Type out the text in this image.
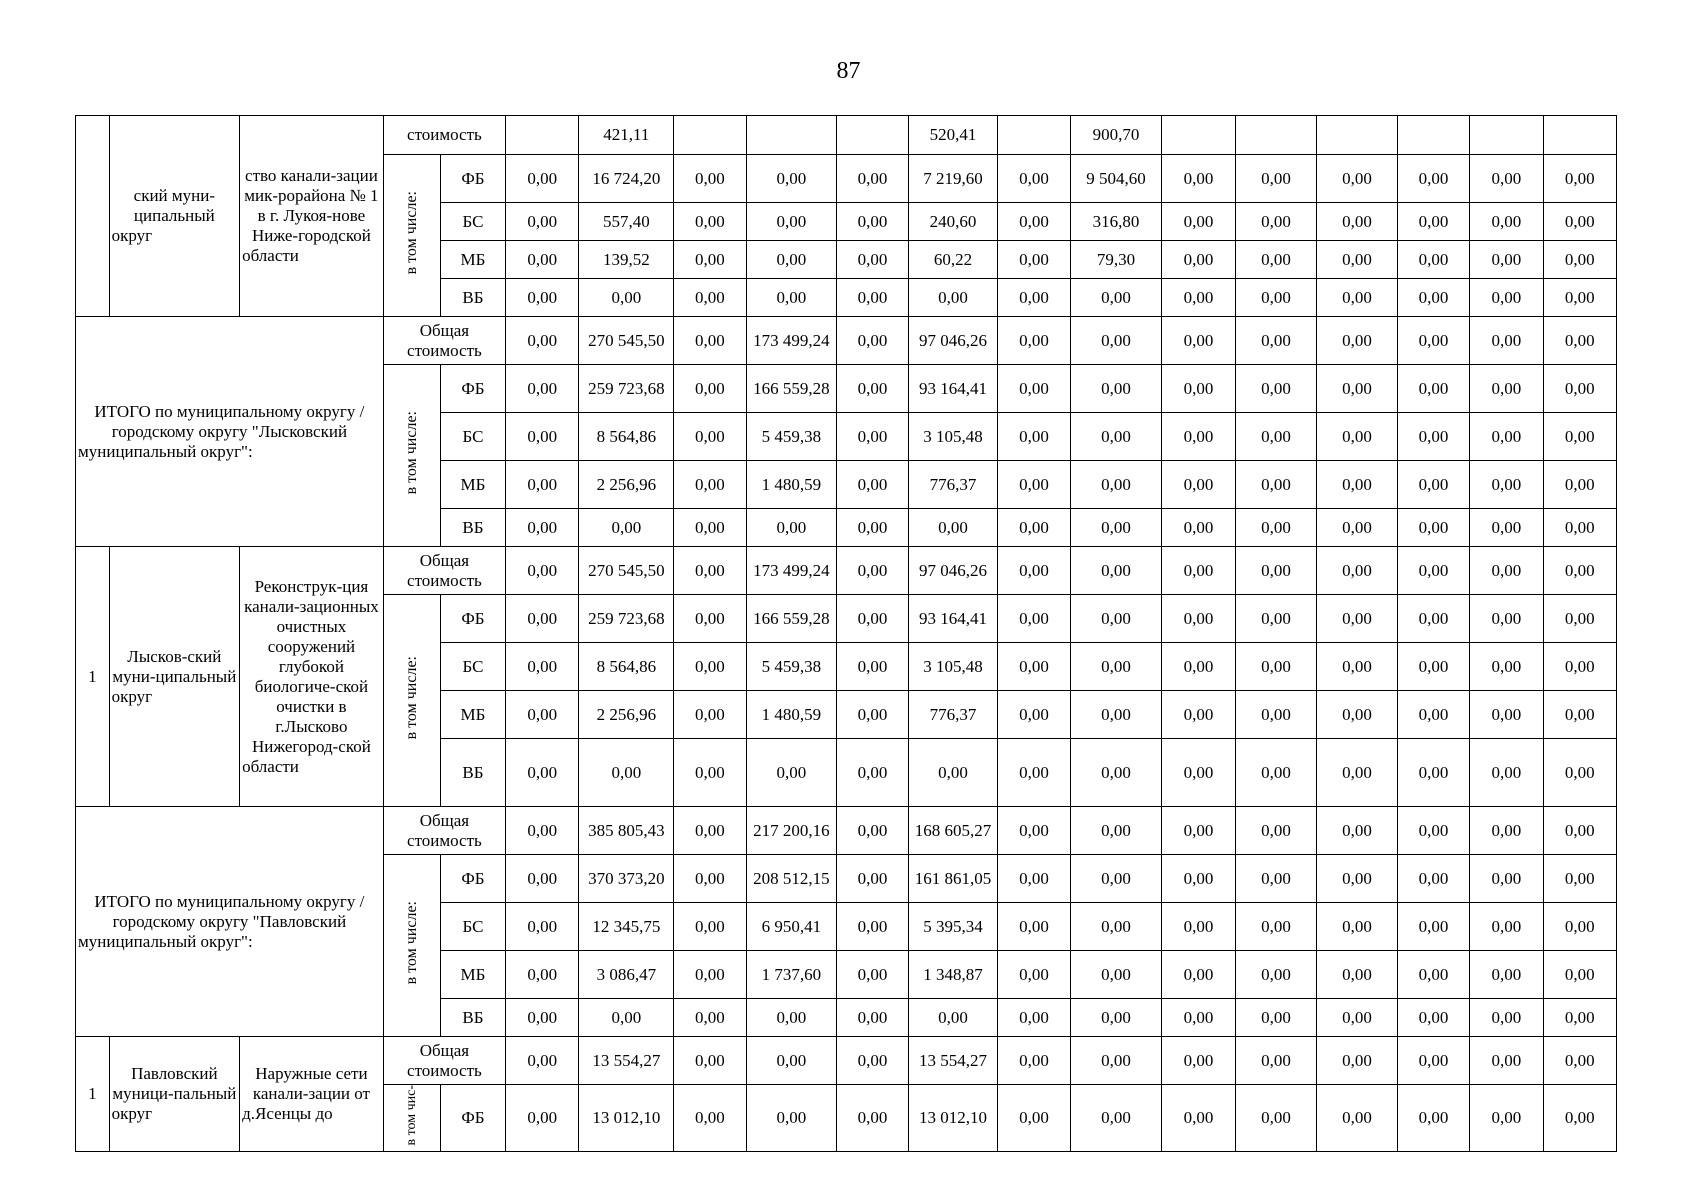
87
	ский муни-ципальный округ	ство канали-зации мик-рорайона № 1 в г. Лукоя-нове Ниже-городской области	стоимость			421,11				520,41		900,70						
			в том числе:	ФБ	0,00	16 724,20	0,00	0,00	0,00	7 219,60	0,00	9 504,60	0,00	0,00	0,00	0,00	0,00	0,00
				БС	0,00	557,40	0,00	0,00	0,00	240,60	0,00	316,80	0,00	0,00	0,00	0,00	0,00	0,00
				МБ	0,00	139,52	0,00	0,00	0,00	60,22	0,00	79,30	0,00	0,00	0,00	0,00	0,00	0,00
				ВБ	0,00	0,00	0,00	0,00	0,00	0,00	0,00	0,00	0,00	0,00	0,00	0,00	0,00	0,00
ИТОГО по муниципальному округу / городскому округу "Лысковский муниципальный округ":			Общая стоимость		0,00	270 545,50	0,00	173 499,24	0,00	97 046,26	0,00	0,00	0,00	0,00	0,00	0,00	0,00	0,00
			в том числе:	ФБ	0,00	259 723,68	0,00	166 559,28	0,00	93 164,41	0,00	0,00	0,00	0,00	0,00	0,00	0,00	0,00
				БС	0,00	8 564,86	0,00	5 459,38	0,00	3 105,48	0,00	0,00	0,00	0,00	0,00	0,00	0,00	0,00
				МБ	0,00	2 256,96	0,00	1 480,59	0,00	776,37	0,00	0,00	0,00	0,00	0,00	0,00	0,00	0,00
				ВБ	0,00	0,00	0,00	0,00	0,00	0,00	0,00	0,00	0,00	0,00	0,00	0,00	0,00	0,00
1	Лысков-ский муни-ципальный округ	Реконструк-ция канали-зационных очистных сооружений глубокой биологиче-ской очистки в г.Лысково Нижегород-ской области	Общая стоимость		0,00	270 545,50	0,00	173 499,24	0,00	97 046,26	0,00	0,00	0,00	0,00	0,00	0,00	0,00	0,00
			в том числе:	ФБ	0,00	259 723,68	0,00	166 559,28	0,00	93 164,41	0,00	0,00	0,00	0,00	0,00	0,00	0,00	0,00
				БС	0,00	8 564,86	0,00	5 459,38	0,00	3 105,48	0,00	0,00	0,00	0,00	0,00	0,00	0,00	0,00
				МБ	0,00	2 256,96	0,00	1 480,59	0,00	776,37	0,00	0,00	0,00	0,00	0,00	0,00	0,00	0,00
				ВБ	0,00	0,00	0,00	0,00	0,00	0,00	0,00	0,00	0,00	0,00	0,00	0,00	0,00	0,00
ИТОГО по муниципальному округу / городскому округу "Павловский муниципальный округ":			Общая стоимость		0,00	385 805,43	0,00	217 200,16	0,00	168 605,27	0,00	0,00	0,00	0,00	0,00	0,00	0,00	0,00
			в том числе:	ФБ	0,00	370 373,20	0,00	208 512,15	0,00	161 861,05	0,00	0,00	0,00	0,00	0,00	0,00	0,00	0,00
				БС	0,00	12 345,75	0,00	6 950,41	0,00	5 395,34	0,00	0,00	0,00	0,00	0,00	0,00	0,00	0,00
				МБ	0,00	3 086,47	0,00	1 737,60	0,00	1 348,87	0,00	0,00	0,00	0,00	0,00	0,00	0,00	0,00
				ВБ	0,00	0,00	0,00	0,00	0,00	0,00	0,00	0,00	0,00	0,00	0,00	0,00	0,00	0,00
1	Павловский муници-пальный округ	Наружные сети канали-зации от д.Ясенцы до	Общая стоимость		0,00	13 554,27	0,00	0,00	0,00	13 554,27	0,00	0,00	0,00	0,00	0,00	0,00	0,00	0,00
			в том чис-	ФБ	0,00	13 012,10	0,00	0,00	0,00	13 012,10	0,00	0,00	0,00	0,00	0,00	0,00	0,00	0,00
